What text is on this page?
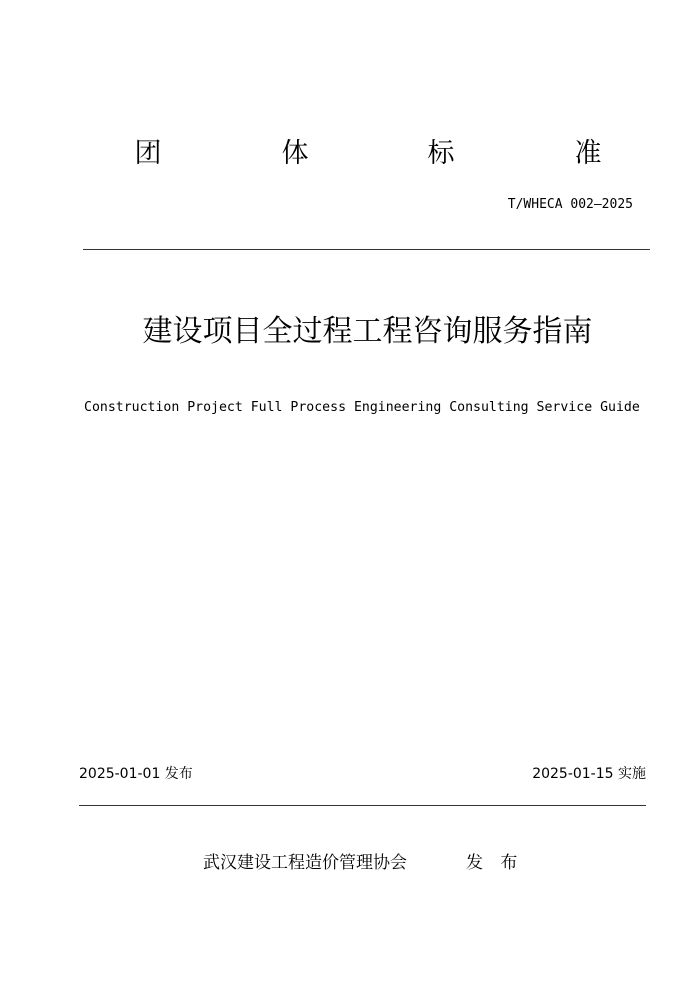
团	体	标	准
T/WHECA 002—2025
建设项目全过程工程咨询服务指南
Construction Project Full Process Engineering Consulting Service Guide
2025-01-01 发布	2025-01-15 实施
武汉建设工程造价管理协会	发 布
